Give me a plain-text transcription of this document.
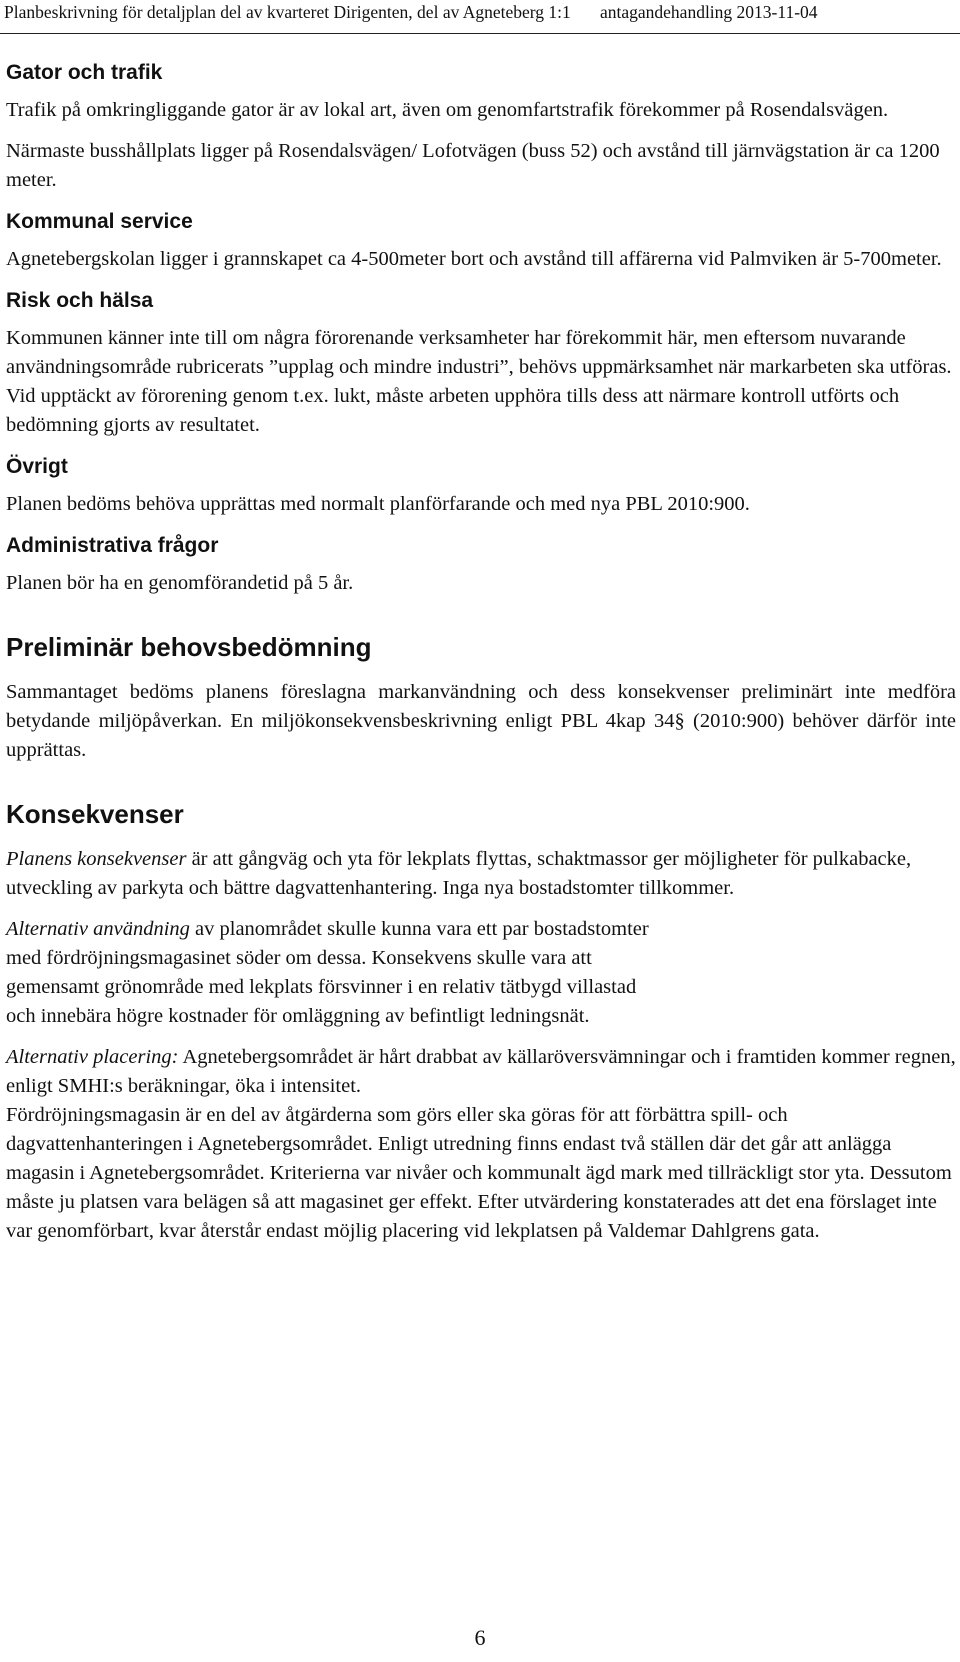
Planbeskrivning för detaljplan del av kvarteret Dirigenten, del av Agneteberg 1:1 antagandehandling 2013-11-04
Gator och trafik

Trafik på omkringliggande gator är av lokal art, även om genomfartstrafik förekommer på Rosendalsvägen.

Närmaste busshållplats ligger på Rosendalsvägen/ Lofotvägen (buss 52) och avstånd till järnvägstation är ca 1200 meter.

Kommunal service

Agnetebergskolan ligger i grannskapet ca 4-500meter bort och avstånd till affärerna vid Palmviken är 5-700meter.

Risk och hälsa

Kommunen känner inte till om några förorenande verksamheter har förekommit här, men eftersom nuvarande användningsområde rubricerats ”upplag och mindre industri”, behövs uppmärksamhet när markarbeten ska utföras. Vid upptäckt av förorening genom t.ex. lukt, måste arbeten upphöra tills dess att närmare kontroll utförts och bedömning gjorts av resultatet.

Övrigt

Planen bedöms behöva upprättas med normalt planförfarande och med nya PBL 2010:900.

Administrativa frågor

Planen bör ha en genomförandetid på 5 år.

Preliminär behovsbedömning

Sammantaget bedöms planens föreslagna markanvändning och dess konsekvenser preliminärt inte medföra betydande miljöpåverkan. En miljökonsekvensbeskrivning enligt PBL 4kap 34§ (2010:900) behöver därför inte upprättas.

Konsekvenser

Planens konsekvenser är att gångväg och yta för lekplats flyttas, schaktmassor ger möjligheter för pulkabacke, utveckling av parkyta och bättre dagvattenhantering. Inga nya bostadstomter tillkommer.

Alternativ användning av planområdet skulle kunna vara ett par bostadstomter
med fördröjningsmagasinet söder om dessa. Konsekvens skulle vara att
gemensamt grönområde med lekplats försvinner i en relativ tätbygd villastad
och innebära högre kostnader för omläggning av befintligt ledningsnät.

Alternativ placering: Agnetebergsområdet är hårt drabbat av källaröversvämningar och i framtiden kommer regnen, enligt SMHI:s beräkningar, öka i intensitet.

Fördröjningsmagasin är en del av åtgärderna som görs eller ska göras för att förbättra spill- och dagvattenhanteringen i Agnetebergsområdet. Enligt utredning finns endast två ställen där det går att anlägga magasin i Agnetebergsområdet. Kriterierna var nivåer och kommunalt ägd mark med tillräckligt stor yta. Dessutom måste ju platsen vara belägen så att magasinet ger effekt. Efter utvärdering konstaterades att det ena förslaget inte var genomförbart, kvar återstår endast möjlig placering vid lekplatsen på Valdemar Dahlgrens gata.

6
